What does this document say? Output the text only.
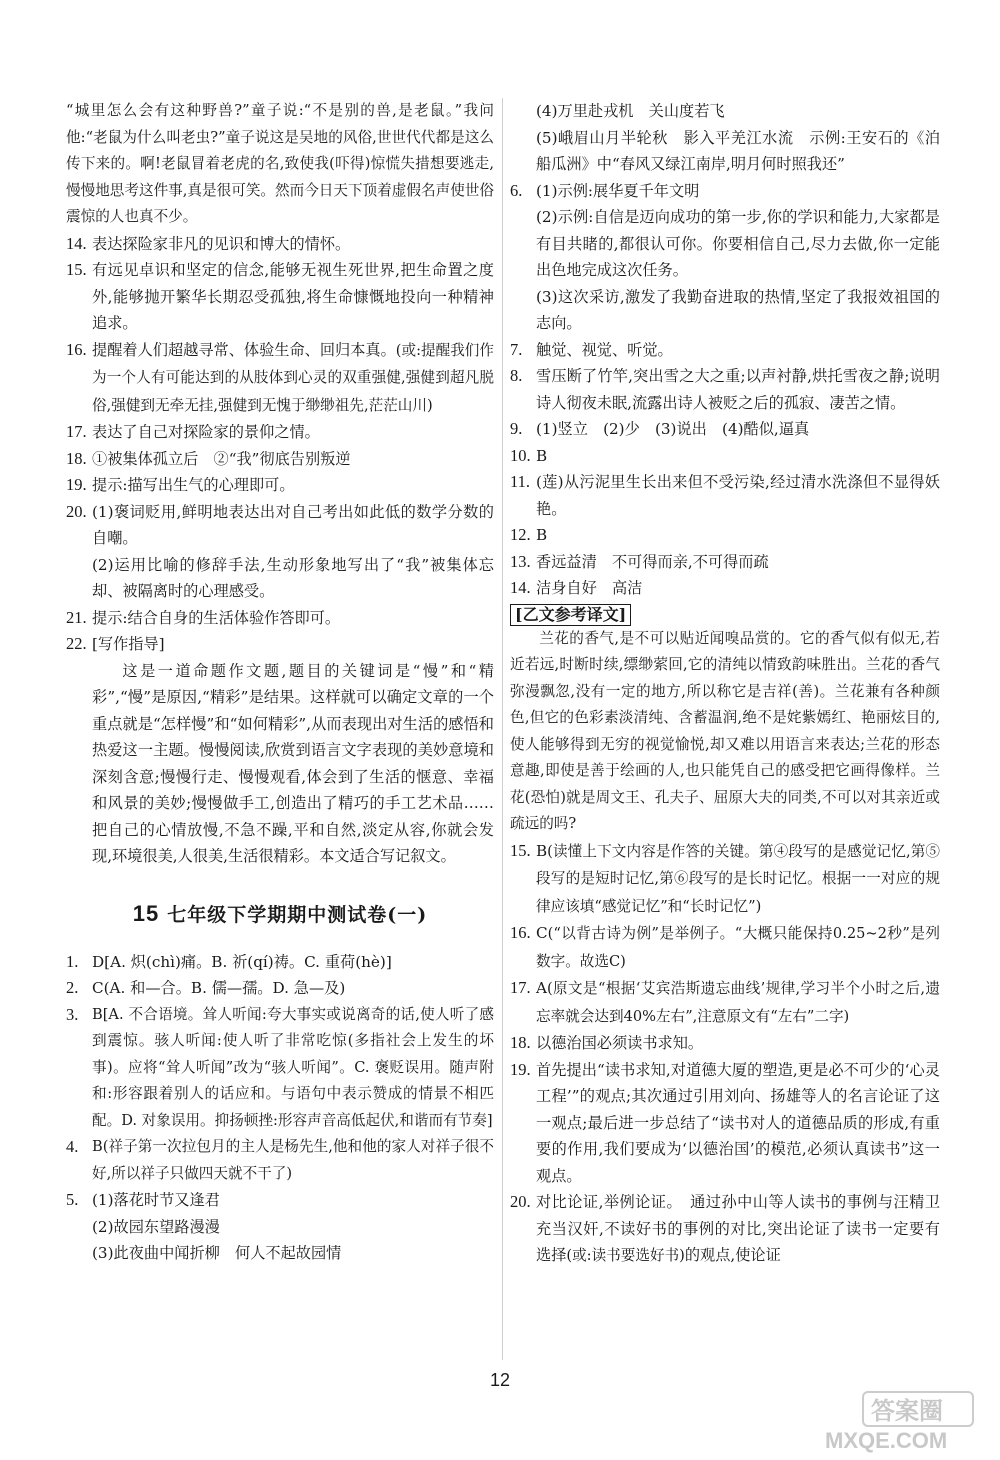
“城里怎么会有这种野兽?”童子说:“不是别的兽,是老鼠。”我问他:“老鼠为什么叫老虫?”童子说这是吴地的风俗,世世代代都是这么传下来的。啊!老鼠冒着老虎的名,致使我(吓得)惊慌失措想要逃走,慢慢地思考这件事,真是很可笑。然而今日天下顶着虚假名声使世俗震惊的人也真不少。

14. 表达探险家非凡的见识和博大的情怀。
15. 有远见卓识和坚定的信念,能够无视生死世界,把生命置之度外,能够抛开繁华长期忍受孤独,将生命慷慨地投向一种精神追求。
16. 提醒着人们超越寻常、体验生命、回归本真。(或:提醒我们作为一个人有可能达到的从肢体到心灵的双重强健,强健到超凡脱俗,强健到无牵无挂,强健到无愧于缈缈祖先,茫茫山川)
17. 表达了自己对探险家的景仰之情。
18. ①被集体孤立后　②“我”彻底告别叛逆
19. 提示:描写出生气的心理即可。
20. (1)褒词贬用,鲜明地表达出对自己考出如此低的数学分数的自嘲。
(2)运用比喻的修辞手法,生动形象地写出了“我”被集体忘却、被隔离时的心理感受。
21. 提示:结合自身的生活体验作答即可。
22. [写作指导]
这是一道命题作文题,题目的关键词是“慢”和“精彩”,“慢”是原因,“精彩”是结果。这样就可以确定文章的一个重点就是“怎样慢”和“如何精彩”,从而表现出对生活的感悟和热爱这一主题。慢慢阅读,欣赏到语言文字表现的美妙意境和深刻含意;慢慢行走、慢慢观看,体会到了生活的惬意、幸福和风景的美妙;慢慢做手工,创造出了精巧的手工艺术品……把自己的心情放慢,不急不躁,平和自然,淡定从容,你就会发现,环境很美,人很美,生活很精彩。本文适合写记叙文。
15 七年级下学期期中测试卷(一)
1. D[A. 炽(chì)痛。B. 祈(qí)祷。C. 重荷(hè)]
2. C(A. 和—合。B. 儒—孺。D. 急—及)
3. B[A. 不合语境。耸人听闻:夸大事实或说离奇的话,使人听了感到震惊。骇人听闻:使人听了非常吃惊(多指社会上发生的坏事)。应将“耸人听闻”改为“骇人听闻”。C. 褒贬误用。随声附和:形容跟着别人的话应和。与语句中表示赞成的情景不相匹配。D. 对象误用。抑扬顿挫:形容声音高低起伏,和谐而有节奏]
4. B(祥子第一次拉包月的主人是杨先生,他和他的家人对祥子很不好,所以祥子只做四天就不干了)
5. (1)落花时节又逢君
(2)故园东望路漫漫
(3)此夜曲中闻折柳　何人不起故园情
(4)万里赴戎机　关山度若飞
(5)峨眉山月半轮秋　影入平羌江水流　示例:王安石的《泊船瓜洲》中“春风又绿江南岸,明月何时照我还”
6. (1)示例:展华夏千年文明
(2)示例:自信是迈向成功的第一步,你的学识和能力,大家都是有目共睹的,都很认可你。你要相信自己,尽力去做,你一定能出色地完成这次任务。
(3)这次采访,激发了我勤奋进取的热情,坚定了我报效祖国的志向。
7. 触觉、视觉、听觉。
8. 雪压断了竹竿,突出雪之大之重;以声衬静,烘托雪夜之静;说明诗人彻夜未眠,流露出诗人被贬之后的孤寂、凄苦之情。
9. (1)竖立　(2)少　(3)说出　(4)酷似,逼真
10. B
11. (莲)从污泥里生长出来但不受污染,经过清水洗涤但不显得妖艳。
12. B
13. 香远益清　不可得而亲,不可得而疏
14. 洁身自好　高洁
[乙文参考译文]

兰花的香气,是不可以贴近闻嗅品赏的。它的香气似有似无,若近若远,时断时续,缥缈萦回,它的清纯以情致韵味胜出。兰花的香气弥漫飘忽,没有一定的地方,所以称它是吉祥(善)。兰花兼有各种颜色,但它的色彩素淡清纯、含蓄温润,绝不是姹紫嫣红、艳丽炫目的,使人能够得到无穷的视觉愉悦,却又难以用语言来表达;兰花的形态意趣,即使是善于绘画的人,也只能凭自己的感受把它画得像样。兰花(恐怕)就是周文王、孔夫子、屈原大夫的同类,不可以对其亲近或疏远的吗?

15. B(读懂上下文内容是作答的关键。第④段写的是感觉记忆,第⑤段写的是短时记忆,第⑥段写的是长时记忆。根据一一对应的规律应该填“感觉记忆”和“长时记忆”)
16. C(“以背古诗为例”是举例子。“大概只能保持0.25~2秒”是列数字。故选C)
17. A(原文是“根据‘艾宾浩斯遗忘曲线’规律,学习半个小时之后,遗忘率就会达到40%左右”,注意原文有“左右”二字)
18. 以德治国必须读书求知。
19. 首先提出“读书求知,对道德大厦的塑造,更是必不可少的‘心灵工程’”的观点;其次通过引用刘向、扬雄等人的名言论证了这一观点;最后进一步总结了“读书对人的道德品质的形成,有重要的作用,我们要成为‘以德治国’的模范,必须认真读书”这一观点。
20. 对比论证,举例论证。　 通过孙中山等人读书的事例与汪精卫充当汉奸,不读好书的事例的对比,突出论证了读书一定要有选择(或:读书要选好书)的观点,使论证
12
答案圈
MXQE.COM
